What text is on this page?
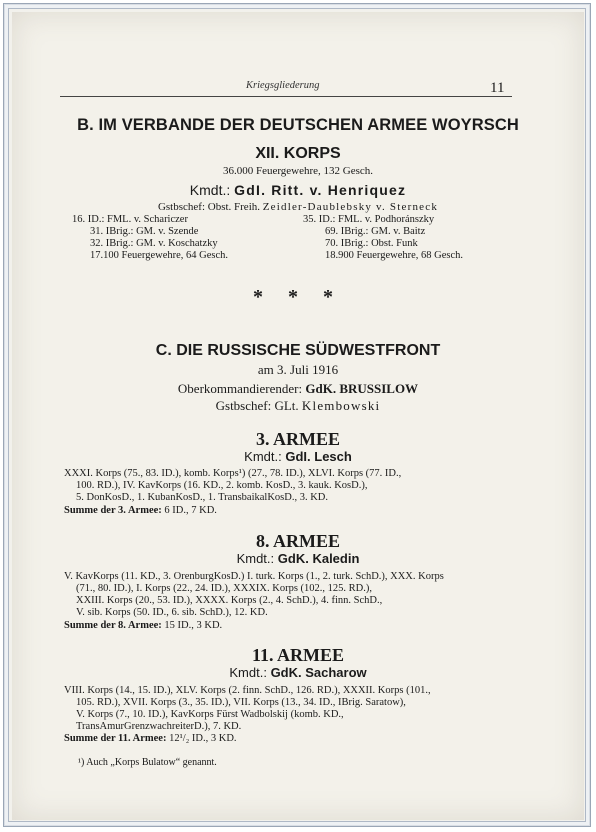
Kriegsgliederung	11
B. IM VERBANDE DER DEUTSCHEN ARMEE WOYRSCH
XII. KORPS
36.000 Feuergewehre, 132 Gesch.
Kmdt.: GdI. Ritt. v. Henriquez
Gstbschef: Obst. Freih. Zeidler-Daublebsky v. Sterneck
16. ID.: FML. v. Schariczer
31. IBrig.: GM. v. Szende
32. IBrig.: GM. v. Koschatzky
17.100 Feuergewehre, 64 Gesch.
35. ID.: FML. v. Podhoránszky
69. IBrig.: GM. v. Baitz
70. IBrig.: Obst. Funk
18.900 Feuergewehre, 68 Gesch.
* * *
C. DIE RUSSISCHE SÜDWESTFRONT
am 3. Juli 1916
Oberkommandierender: GdK. BRUSSILOW
Gstbschef: GLt. Klembowski
3. ARMEE
Kmdt.: GdI. Lesch
XXXI. Korps (75., 83. ID.), komb. Korps¹) (27., 78. ID.), XLVI. Korps (77. ID.,
100. RD.), IV. KavKorps (16. KD., 2. komb. KosD., 3. kauk. KosD.),
5. DonKosD., 1. KubanKosD., 1. TransbaikalKosD., 3. KD.
Summe der 3. Armee: 6 ID., 7 KD.
8. ARMEE
Kmdt.: GdK. Kaledin
V. KavKorps (11. KD., 3. OrenburgKosD.) I. turk. Korps (1., 2. turk. SchD.), XXX. Korps
(71., 80. ID.), I. Korps (22., 24. ID.), XXXIX. Korps (102., 125. RD.),
XXIII. Korps (20., 53. ID.), XXXX. Korps (2., 4. SchD.), 4. finn. SchD.,
V. sib. Korps (50. ID., 6. sib. SchD.), 12. KD.
Summe der 8. Armee: 15 ID., 3 KD.
11. ARMEE
Kmdt.: GdK. Sacharow
VIII. Korps (14., 15. ID.), XLV. Korps (2. finn. SchD., 126. RD.), XXXII. Korps (101.,
105. RD.), XVII. Korps (3., 35. ID.), VII. Korps (13., 34. ID., IBrig. Saratow),
V. Korps (7., 10. ID.), KavKorps Fürst Wadbolskij (komb. KD.,
TransAmurGrenzwachreiterD.), 7. KD.
Summe der 11. Armee: 12¹/₂ ID., 3 KD.
¹) Auch „Korps Bulatow“ genannt.
